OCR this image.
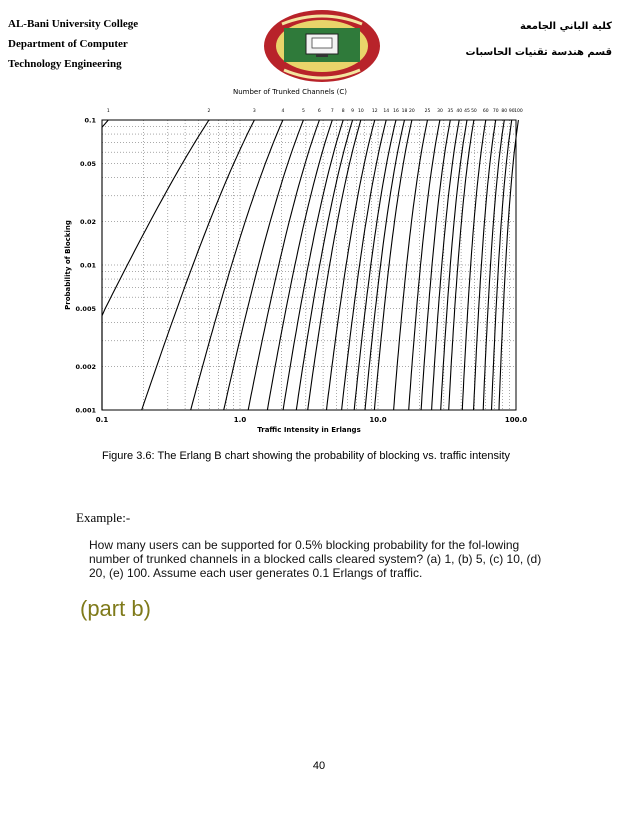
AL-Bani University College
Department of Computer
Technology Engineering
كلية الباني الجامعة
قسم هندسة تقنيات الحاسبات
Number of Trunked Channels (C)
1	2	3	4	5	6 7 8 9 10 12 14 16 18 20 25 30 35 40 45 50 60 70 80 90 100
0.1	1.0	10.0	100.0
0.1
0.05
0.02
0.01
0.005
0.002
0.001
Traffic Intensity in Erlangs
Probability of Blocking
Figure 3.6: The Erlang B chart showing the probability of blocking vs. traffic intensity
Example:-
How many users can be supported for 0.5% blocking probability for the fol-lowing number of trunked channels in a blocked calls cleared system? (a) 1, (b) 5, (c) 10, (d) 20, (e) 100. Assume each user generates 0.1 Erlangs of traffic.
(part b)
40
